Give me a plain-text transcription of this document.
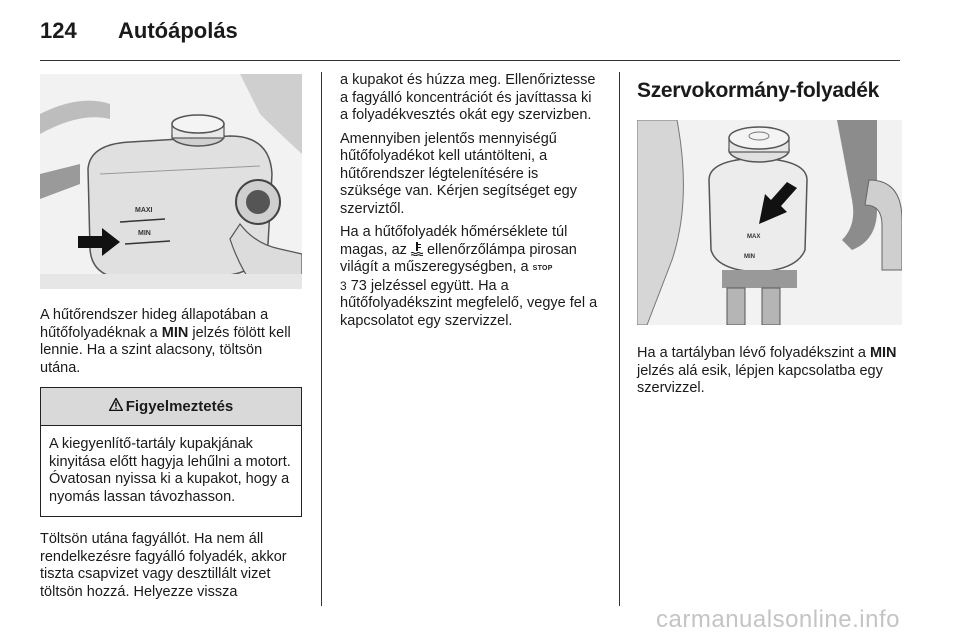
124	Autóápolás
MAXI
MIN

A hűtőrendszer hideg állapotában a hűtőfolyadéknak a MIN jelzés fölött kell lennie. Ha a szint alacsony, töltsön utána.

Figyelmeztetés
A kiegyenlítő-tartály kupakjának kinyitása előtt hagyja lehűlni a motort. Óvatosan nyissa ki a kupakot, hogy a nyomás lassan távozhasson.

Töltsön utána fagyállót. Ha nem áll rendelkezésre fagyálló folyadék, akkor tiszta csapvizet vagy desztillált vizet töltsön hozzá. Helyezze vissza

a kupakot és húzza meg. Ellenőriztesse a fagyálló koncentrációt és javíttassa ki a folyadékvesztés okát egy szervizben.

Amennyiben jelentős mennyiségű hűtőfolyadékot kell utántölteni, a hűtőrendszer légtelenítésére is szüksége van. Kérjen segítséget egy szerviztől.

Ha a hűtőfolyadék hőmérséklete túl magas, az  ellenőrzőlámpa pirosan világít a műszeregységben, a STOP
3 73 jelzéssel együtt. Ha a hűtőfolyadékszint megfelelő, vegye fel a kapcsolatot egy szervizzel.

Szervokormány-folyadék
MAX
MIN

Ha a tartályban lévő folyadékszint a MIN jelzés alá esik, lépjen kapcsolatba egy szervizzel.

carmanualsonline.info
